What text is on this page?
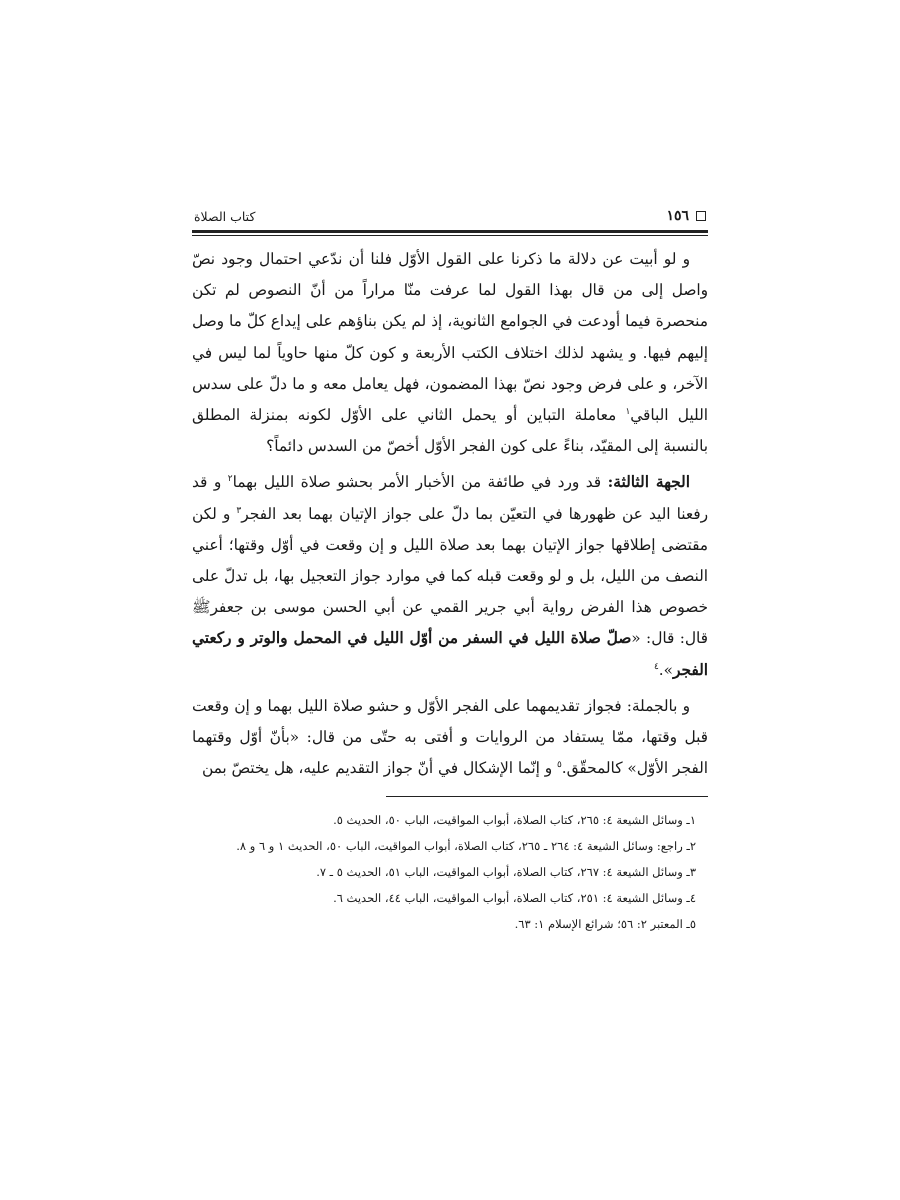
١٥٦
كتاب الصلاة

و لو أبيت عن دلالة ما ذكرنا على القول الأوّل فلنا أن ندّعي احتمال وجود نصّ واصل إلى من قال بهذا القول لما عرفت منّا مراراً من أنّ النصوص لم تكن منحصرة فيما أودعت في الجوامع الثانوية، إذ لم يكن بناؤهم على إيداع كلّ ما وصل إليهم فيها. و يشهد لذلك اختلاف الكتب الأربعة و كون كلّ منها حاوياً لما ليس في الآخر، و على فرض وجود نصّ بهذا المضمون، فهل يعامل معه و ما دلّ على سدس الليل الباقي$^١$ معاملة التباين أو يحمل الثاني على الأوّل لكونه بمنزلة المطلق بالنسبة إلى المقيّد، بناءً على كون الفجر الأوّل أخصّ من السدس دائماً؟

الجهة الثالثة: قد ورد في طائفة من الأخبار الأمر بحشو صلاة الليل بهما$^٢$ و قد رفعنا اليد عن ظهورها في التعيّن بما دلّ على جواز الإتيان بهما بعد الفجر$^٣$ و لكن مقتضى إطلاقها جواز الإتيان بهما بعد صلاة الليل و إن وقعت في أوّل وقتها؛ أعني النصف من الليل، بل و لو وقعت قبله كما في موارد جواز التعجيل بها، بل تدلّ على خصوص هذا الفرض رواية أبي جرير القمي عن أبي الحسن موسى بن جعفرﷺ قال: قال: «صلّ صلاة الليل في السفر من أوّل الليل في المحمل والوتر و ركعتي الفجر».$^٤$

و بالجملة: فجواز تقديمهما على الفجر الأوّل و حشو صلاة الليل بهما و إن وقعت قبل وقتها، ممّا يستفاد من الروايات و أفتى به حتّى من قال: «بأنّ أوّل وقتهما الفجر الأوّل» كالمحقّق.$^٥$ و إنّما الإشكال في أنّ جواز التقديم عليه، هل يختصّ بمن

١ـ وسائل الشيعة ٤: ٢٦٥، كتاب الصلاة، أبواب المواقيت، الباب ٥٠، الحديث ٥.
٢ـ راجع: وسائل الشيعة ٤: ٢٦٤ ـ ٢٦٥، كتاب الصلاة، أبواب المواقيت، الباب ٥٠، الحديث ١ و ٦ و ٨.
٣ـ وسائل الشيعة ٤: ٢٦٧، كتاب الصلاة، أبواب المواقيت، الباب ٥١، الحديث ٥ ـ ٧.
٤ـ وسائل الشيعة ٤: ٢٥١، كتاب الصلاة، أبواب المواقيت، الباب ٤٤، الحديث ٦.
٥ـ المعتبر ٢: ٥٦؛ شرائع الإسلام ١: ٦٣.
